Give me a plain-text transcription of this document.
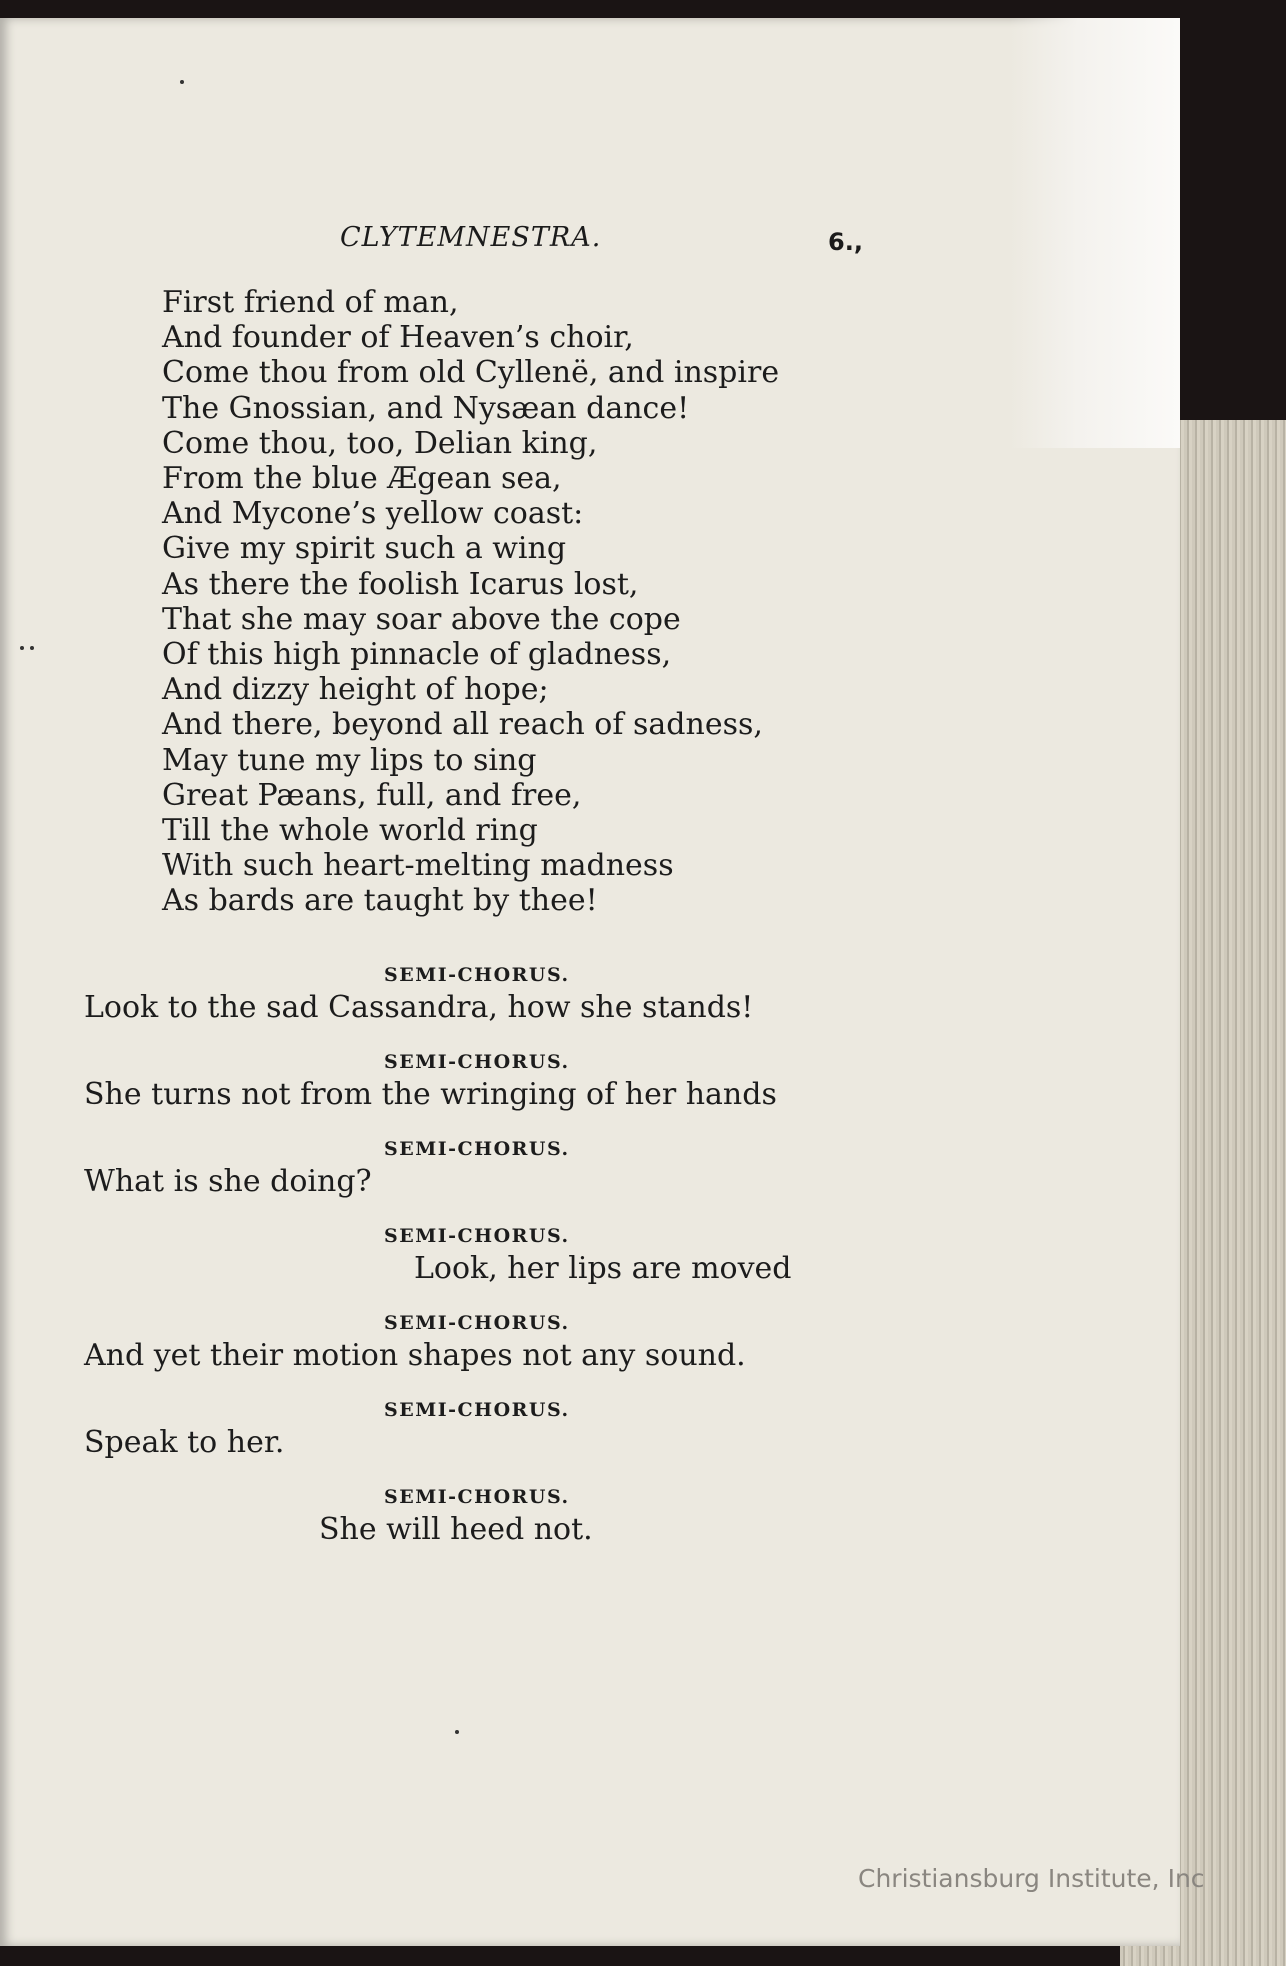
CLYTEMNESTRA.	6.,
First friend of man,
And founder of Heaven’s choir,
Come thou from old Cyllenë, and inspire
The Gnossian, and Nysæan dance!
Come thou, too, Delian king,
From the blue Ægean sea,
And Mycone’s yellow coast:
Give my spirit such a wing
As there the foolish Icarus lost,
That she may soar above the cope
Of this high pinnacle of gladness,
And dizzy height of hope;
And there, beyond all reach of sadness,
May tune my lips to sing
Great Pæans, full, and free,
Till the whole world ring
With such heart-melting madness
As bards are taught by thee!
SEMI-CHORUS.
Look to the sad Cassandra, how she stands!
SEMI-CHORUS.
She turns not from the wringing of her hands
SEMI-CHORUS.
What is she doing?
SEMI-CHORUS.
Look, her lips are moved
SEMI-CHORUS.
And yet their motion shapes not any sound.
SEMI-CHORUS.
Speak to her.
SEMI-CHORUS.
She will heed not.
Christiansburg Institute, Inc
